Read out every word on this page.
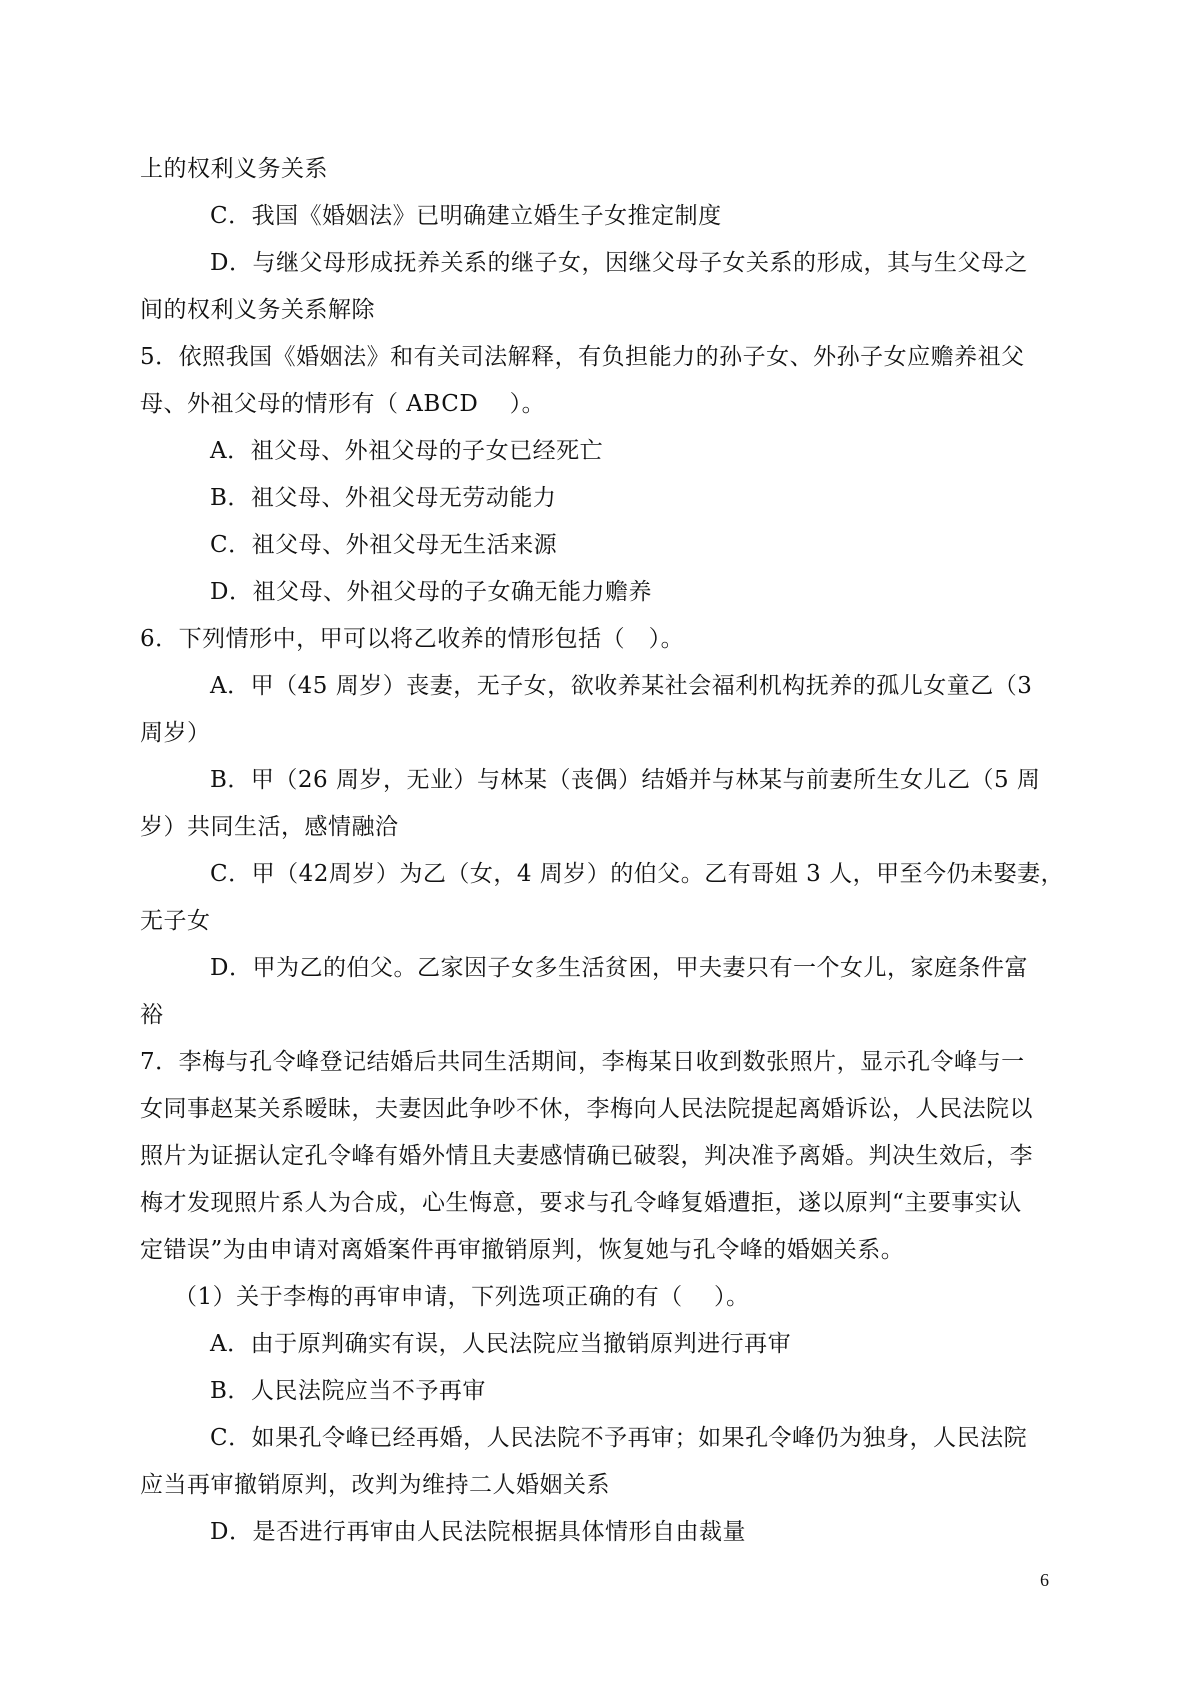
上的权利义务关系
C．我国《婚姻法》已明确建立婚生子女推定制度
D．与继父母形成抚养关系的继子女，因继父母子女关系的形成，其与生父母之
间的权利义务关系解除
5．依照我国《婚姻法》和有关司法解释，有负担能力的孙子女、外孙子女应赡养祖父
母、外祖父母的情形有（ ABCD　 ）。
A．祖父母、外祖父母的子女已经死亡
B．祖父母、外祖父母无劳动能力
C．祖父母、外祖父母无生活来源
D．祖父母、外祖父母的子女确无能力赡养
6．下列情形中，甲可以将乙收养的情形包括（　）。
A．甲（45 周岁）丧妻，无子女，欲收养某社会福利机构抚养的孤儿女童乙（3
周岁）
B．甲（26 周岁，无业）与林某（丧偶）结婚并与林某与前妻所生女儿乙（5 周
岁）共同生活，感情融洽
C．甲（42周岁）为乙（女，4 周岁）的伯父。乙有哥姐 3 人，甲至今仍未娶妻，
无子女
D．甲为乙的伯父。乙家因子女多生活贫困，甲夫妻只有一个女儿，家庭条件富
裕
7．李梅与孔令峰登记结婚后共同生活期间，李梅某日收到数张照片，显示孔令峰与一
女同事赵某关系暧昧，夫妻因此争吵不休，李梅向人民法院提起离婚诉讼，人民法院以
照片为证据认定孔令峰有婚外情且夫妻感情确已破裂，判决准予离婚。判决生效后，李
梅才发现照片系人为合成，心生悔意，要求与孔令峰复婚遭拒，遂以原判“主要事实认
定错误”为由申请对离婚案件再审撤销原判，恢复她与孔令峰的婚姻关系。
（1）关于李梅的再审申请，下列选项正确的有（　 ）。
A．由于原判确实有误，人民法院应当撤销原判进行再审
B．人民法院应当不予再审
C．如果孔令峰已经再婚，人民法院不予再审；如果孔令峰仍为独身，人民法院
应当再审撤销原判，改判为维持二人婚姻关系
D．是否进行再审由人民法院根据具体情形自由裁量
6
